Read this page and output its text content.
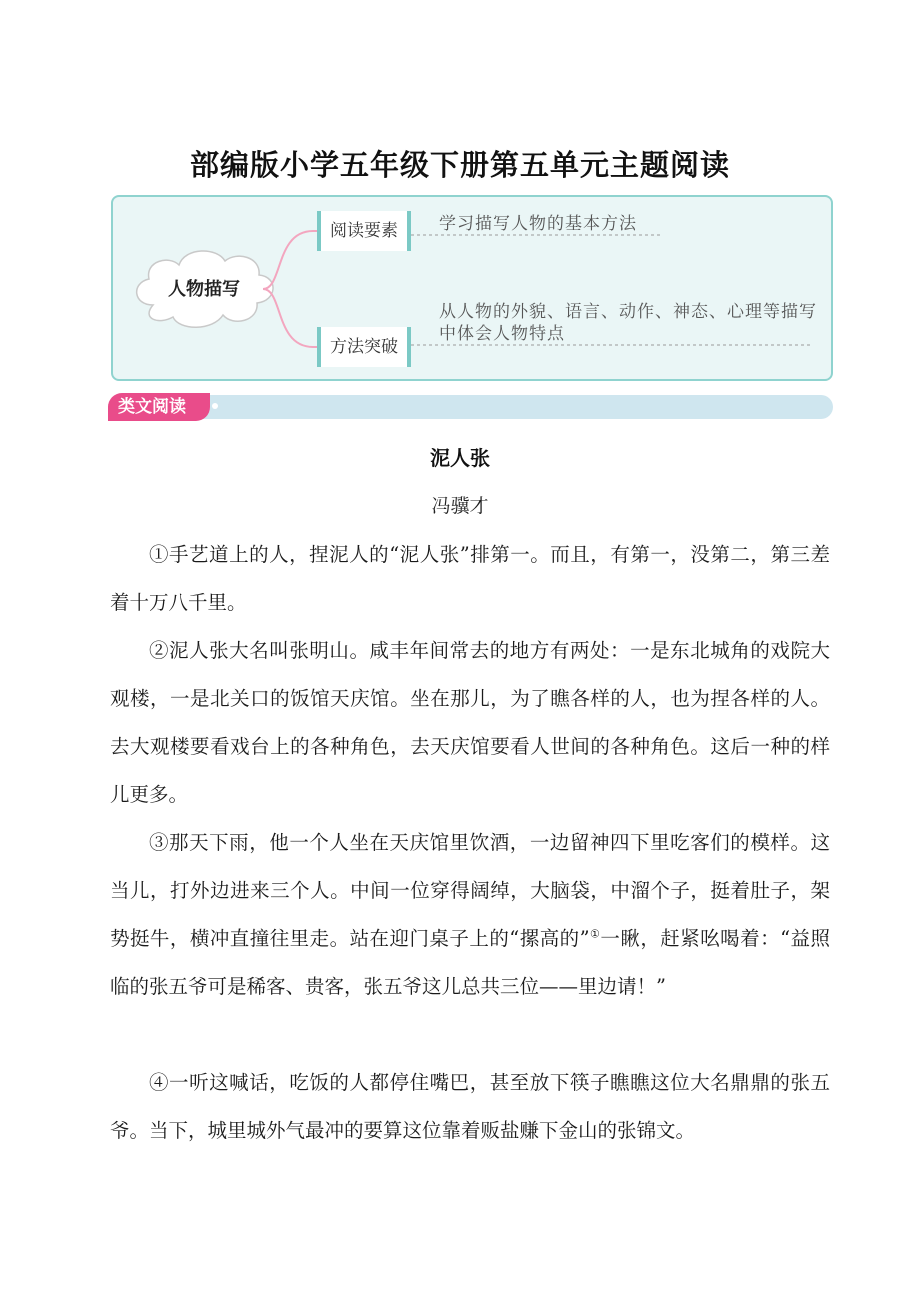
部编版小学五年级下册第五单元主题阅读
人物描写
阅读要素	学习描写人物的基本方法
方法突破
从人物的外貌、语言、动作、神态、心理等描写中体会人物特点
类文阅读
泥人张
冯骥才

①手艺道上的人，捏泥人的“泥人张”排第一。而且，有第一，没第二，第三差着十万八千里。

②泥人张大名叫张明山。咸丰年间常去的地方有两处：一是东北城角的戏院大观楼，一是北关口的饭馆天庆馆。坐在那儿，为了瞧各样的人，也为捏各样的人。去大观楼要看戏台上的各种角色，去天庆馆要看人世间的各种角色。这后一种的样儿更多。

③那天下雨，他一个人坐在天庆馆里饮酒，一边留神四下里吃客们的模样。这当儿，打外边进来三个人。中间一位穿得阔绰，大脑袋，中溜个子，挺着肚子，架势挺牛，横冲直撞往里走。站在迎门桌子上的“摞高的”①一瞅，赶紧吆喝着：“益照临的张五爷可是稀客、贵客，张五爷这儿总共三位——里边请！”

④一听这喊话，吃饭的人都停住嘴巴，甚至放下筷子瞧瞧这位大名鼎鼎的张五爷。当下，城里城外气最冲的要算这位靠着贩盐赚下金山的张锦文。
